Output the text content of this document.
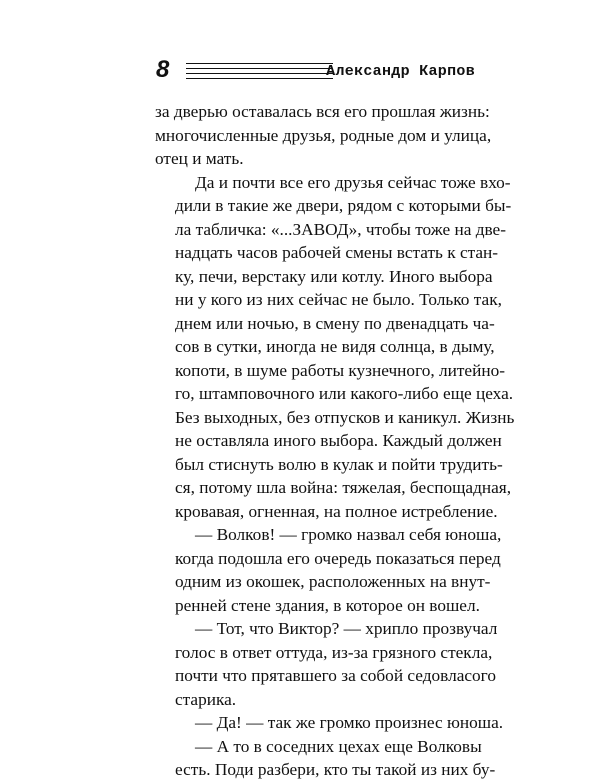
8	Александр Карпов

за дверью оставалась вся его прошлая жизнь:
многочисленные друзья, родные дом и улица,
отец и мать.

Да и почти все его друзья сейчас тоже вхо-
дили в такие же двери, рядом с которыми бы-
ла табличка: «...ЗАВОД», чтобы тоже на две-
надцать часов рабочей смены встать к стан-
ку, печи, верстаку или котлу. Иного выбора
ни у кого из них сейчас не было. Только так,
днем или ночью, в смену по двенадцать ча-
сов в сутки, иногда не видя солнца, в дыму,
копоти, в шуме работы кузнечного, литейно-
го, штамповочного или какого-либо еще цеха.
Без выходных, без отпусков и каникул. Жизнь
не оставляла иного выбора. Каждый должен
был стиснуть волю в кулак и пойти трудить-
ся, потому шла война: тяжелая, беспощадная,
кровавая, огненная, на полное истребление.

— Волков! — громко назвал себя юноша,
когда подошла его очередь показаться перед
одним из окошек, расположенных на внут-
ренней стене здания, в которое он вошел.

— Тот, что Виктор? — хрипло прозвучал
голос в ответ оттуда, из-за грязного стекла,
почти что прятавшего за собой седовласого
старика.

— Да! — так же громко произнес юноша.

— А то в соседних цехах еще Волковы
есть. Поди разбери, кто ты такой из них бу-
